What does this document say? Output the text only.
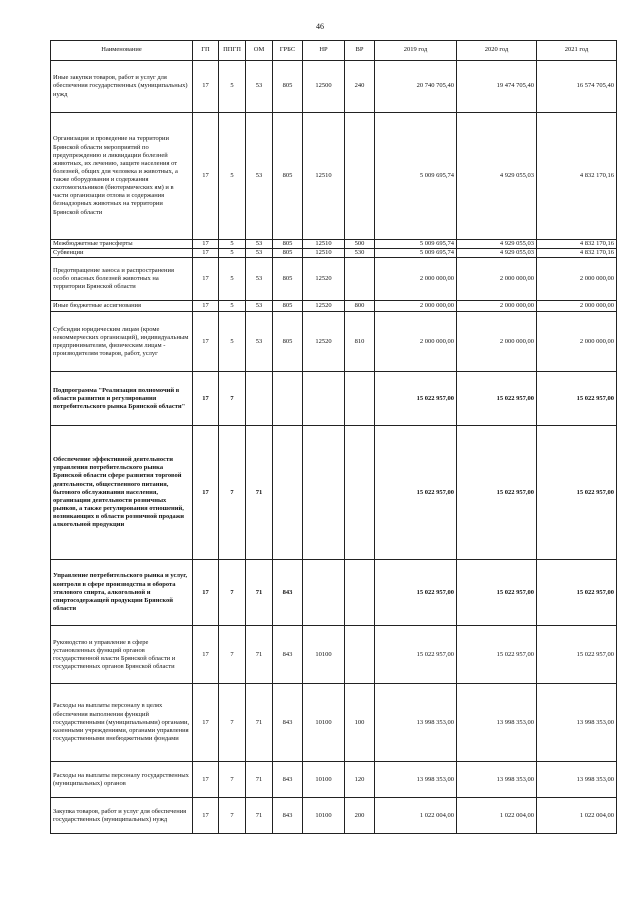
46
Наименование	ГП	ППГП	ОМ	ГРБС	НР	ВР	2019 год	2020 год	2021 год
Иные закупки товаров, работ и услуг для обеспечения государственных (муниципальных) нужд	17	5	53	805	12500	240	20 740 705,40	19 474 705,40	16 574 705,40
Организация и проведение на территории Брянской области мероприятий по предупреждению и ликвидации болезней животных, их лечению, защите населения от болезней, общих для человека и животных, а также оборудования и содержания скотомогильников (биотермических ям) и в части организации отлова и содержания безнадзорных животных на территории Брянской области	17	5	53	805	12510		5 009 695,74	4 929 055,03	4 832 170,16
Межбюджетные трансферты	17	5	53	805	12510	500	5 009 695,74	4 929 055,03	4 832 170,16
Субвенции	17	5	53	805	12510	530	5 009 695,74	4 929 055,03	4 832 170,16
Предотвращение заноса и распространения особо опасных болезней животных на территории Брянской области	17	5	53	805	12520		2 000 000,00	2 000 000,00	2 000 000,00
Иные бюджетные ассигнования	17	5	53	805	12520	800	2 000 000,00	2 000 000,00	2 000 000,00
Субсидии юридическим лицам (кроме некоммерческих организаций), индивидуальным предпринимателям, физическим лицам - производителям товаров, работ, услуг	17	5	53	805	12520	810	2 000 000,00	2 000 000,00	2 000 000,00
Подпрограмма "Реализация полномочий в области развития и регулирования потребительского рынка Брянской области"	17	7					15 022 957,00	15 022 957,00	15 022 957,00
Обеспечение эффективной деятельности управления потребительского рынка Брянской области сфере развития торговой деятельности, общественного питания, бытового обслуживания населения, организации деятельности розничных рынков, а также регулирования отношений, возникающих в области розничной продажи алкогольной продукции	17	7	71				15 022 957,00	15 022 957,00	15 022 957,00
Управление потребительского рынка и услуг, контроля в сфере производства и оборота этилового спирта, алкогольной и спиртосодержащей продукции Брянской области	17	7	71	843			15 022 957,00	15 022 957,00	15 022 957,00
Руководство и управление в сфере установленных функций органов государственной власти Брянской области и государственных органов Брянской области	17	7	71	843	10100		15 022 957,00	15 022 957,00	15 022 957,00
Расходы на выплаты персоналу в целях обеспечения выполнения функций государственными (муниципальными) органами, казенными учреждениями, органами управления государственными внебюджетными фондами	17	7	71	843	10100	100	13 998 353,00	13 998 353,00	13 998 353,00
Расходы на выплаты персоналу государственных (муниципальных) органов	17	7	71	843	10100	120	13 998 353,00	13 998 353,00	13 998 353,00
Закупка товаров, работ и услуг для обеспечения государственных (муниципальных) нужд	17	7	71	843	10100	200	1 022 004,00	1 022 004,00	1 022 004,00
